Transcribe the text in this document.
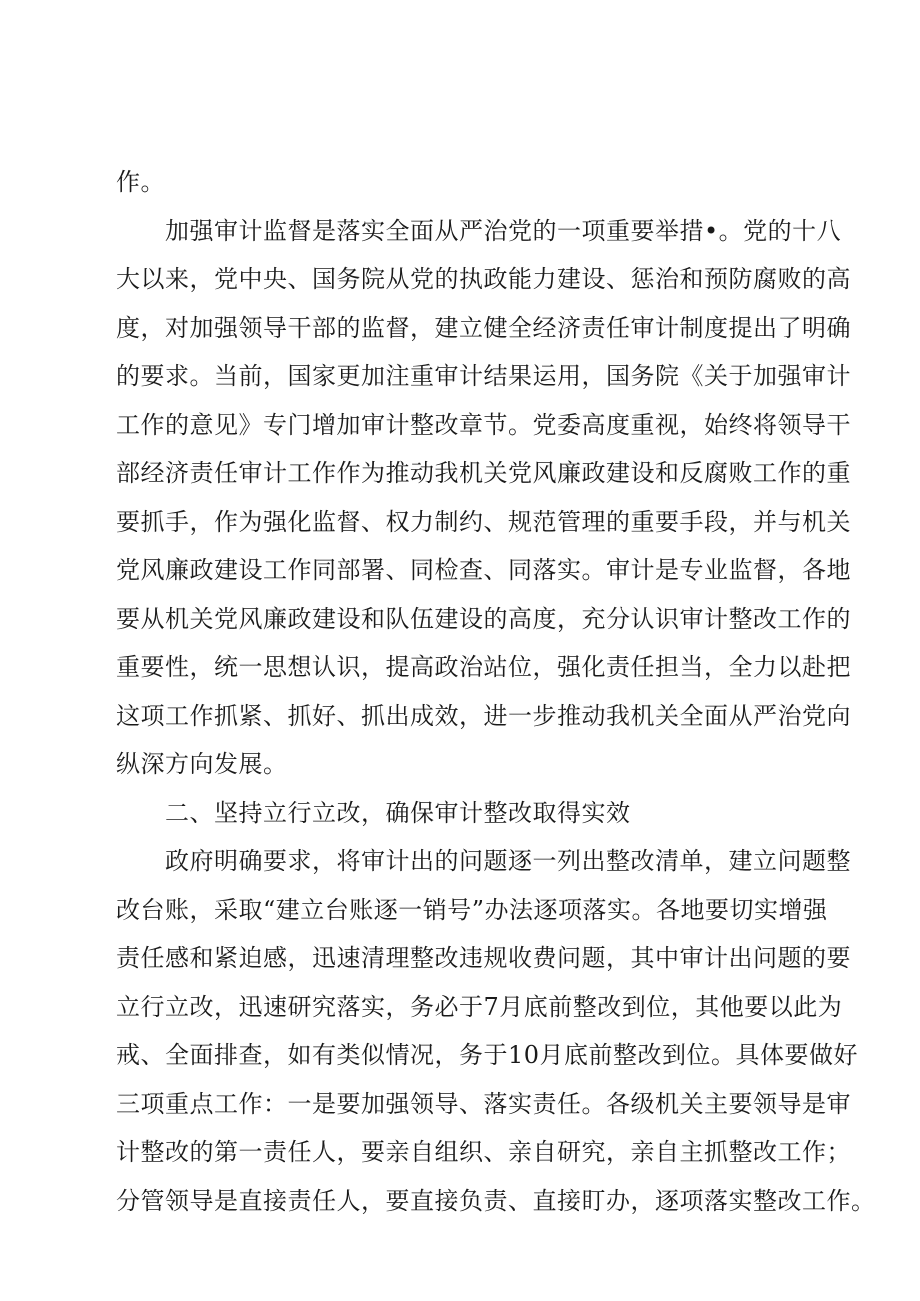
作。
加强审计监督是落实全面从严治党的一项重要举措•。党的十八
大以来，党中央、国务院从党的执政能力建设、惩治和预防腐败的高
度，对加强领导干部的监督，建立健全经济责任审计制度提出了明确
的要求。当前，国家更加注重审计结果运用，国务院《关于加强审计
工作的意见》专门增加审计整改章节。党委高度重视，始终将领导干
部经济责任审计工作作为推动我机关党风廉政建设和反腐败工作的重
要抓手，作为强化监督、权力制约、规范管理的重要手段，并与机关
党风廉政建设工作同部署、同检查、同落实。审计是专业监督，各地
要从机关党风廉政建设和队伍建设的高度，充分认识审计整改工作的
重要性，统一思想认识，提高政治站位，强化责任担当，全力以赴把
这项工作抓紧、抓好、抓出成效，进一步推动我机关全面从严治党向
纵深方向发展。
二、坚持立行立改，确保审计整改取得实效
政府明确要求，将审计出的问题逐一列出整改清单，建立问题整
改台账，采取“建立台账逐一销号”办法逐项落实。各地要切实增强
责任感和紧迫感，迅速清理整改违规收费问题，其中审计出问题的要
立行立改，迅速研究落实，务必于7月底前整改到位，其他要以此为
戒、全面排查，如有类似情况，务于10月底前整改到位。具体要做好
三项重点工作：一是要加强领导、落实责任。各级机关主要领导是审
计整改的第一责任人，要亲自组织、亲自研究，亲自主抓整改工作；
分管领导是直接责任人，要直接负责、直接盯办，逐项落实整改工作。
